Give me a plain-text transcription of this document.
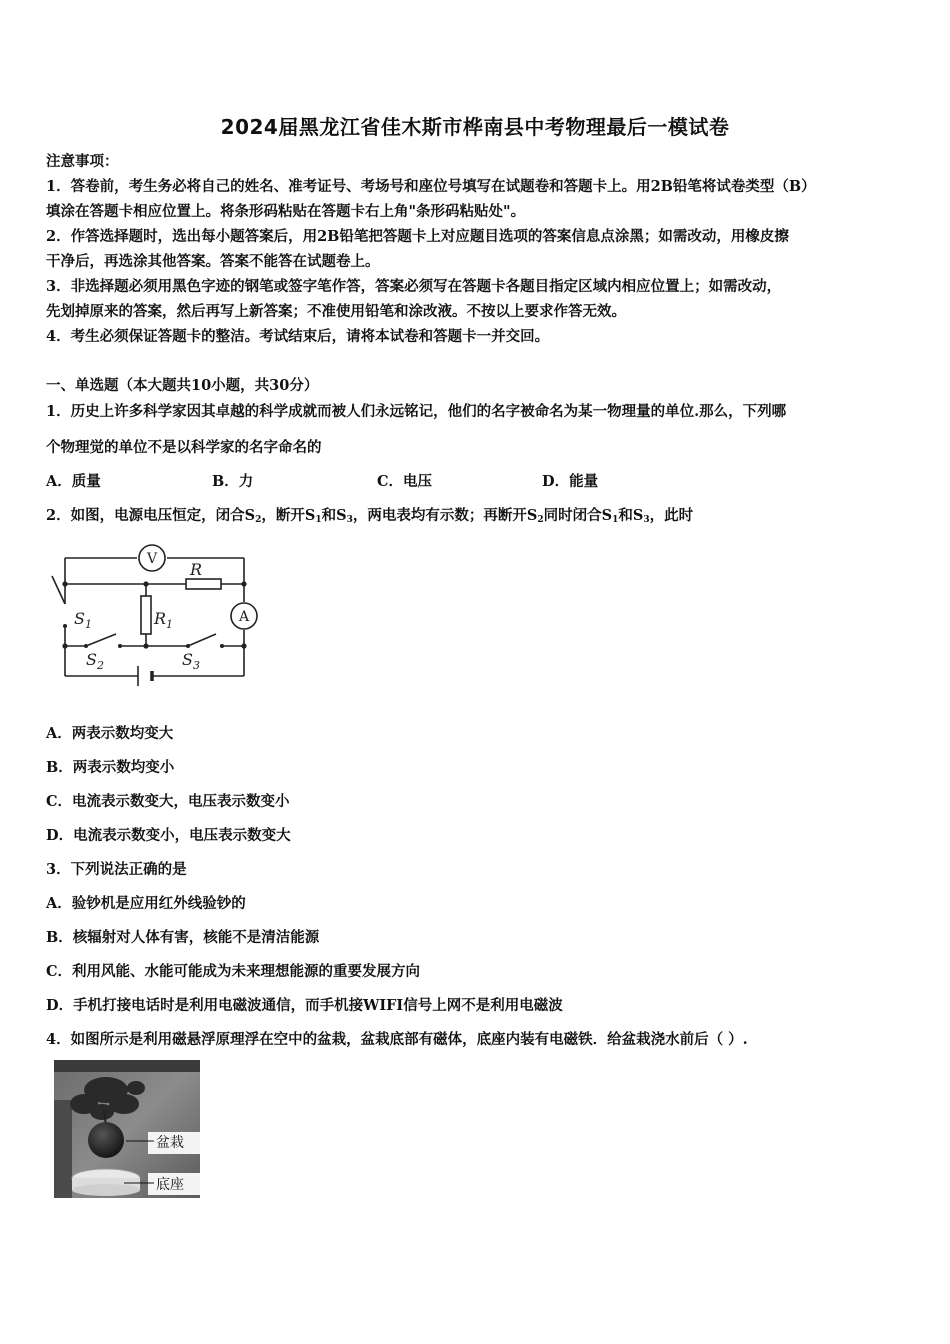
2024届黑龙江省佳木斯市桦南县中考物理最后一模试卷
注意事项：
1．答卷前，考生务必将自己的姓名、准考证号、考场号和座位号填写在试题卷和答题卡上。用2B铅笔将试卷类型（B）
填涂在答题卡相应位置上。将条形码粘贴在答题卡右上角"条形码粘贴处"。
2．作答选择题时，选出每小题答案后，用2B铅笔把答题卡上对应题目选项的答案信息点涂黑；如需改动，用橡皮擦
干净后，再选涂其他答案。答案不能答在试题卷上。
3．非选择题必须用黑色字迹的钢笔或签字笔作答，答案必须写在答题卡各题目指定区域内相应位置上；如需改动，
先划掉原来的答案，然后再写上新答案；不准使用铅笔和涂改液。不按以上要求作答无效。
4．考生必须保证答题卡的整洁。考试结束后，请将本试卷和答题卡一并交回。
一、单选题（本大题共10小题，共30分）
1．历史上许多科学家因其卓越的科学成就而被人们永远铭记，他们的名字被命名为某一物理量的单位.那么，下列哪
个物理觉的单位不是以科学家的名字命名的
A．质量	B．力	C．电压	D．能量
2．如图，电源电压恒定，闭合$S_2$，断开$S_1$和$S_3$，两电表均有示数；再断开$S_2$同时闭合$S_1$和$S_3$，此时
V
A
R
$R_1$
$S_1$
$S_2$	$S_3$
A．两表示数均变大
B．两表示数均变小
C．电流表示数变大，电压表示数变小
D．电流表示数变小，电压表示数变大
3．下列说法正确的是
A．验钞机是应用红外线验钞的
B．核辐射对人体有害，核能不是清洁能源
C．利用风能、水能可能成为未来理想能源的重要发展方向
D．手机打接电话时是利用电磁波通信，而手机接WIFI信号上网不是利用电磁波
4．如图所示是利用磁悬浮原理浮在空中的盆栽，盆栽底部有磁体，底座内装有电磁铁．给盆栽浇水前后（ ）.
盆栽
底座
